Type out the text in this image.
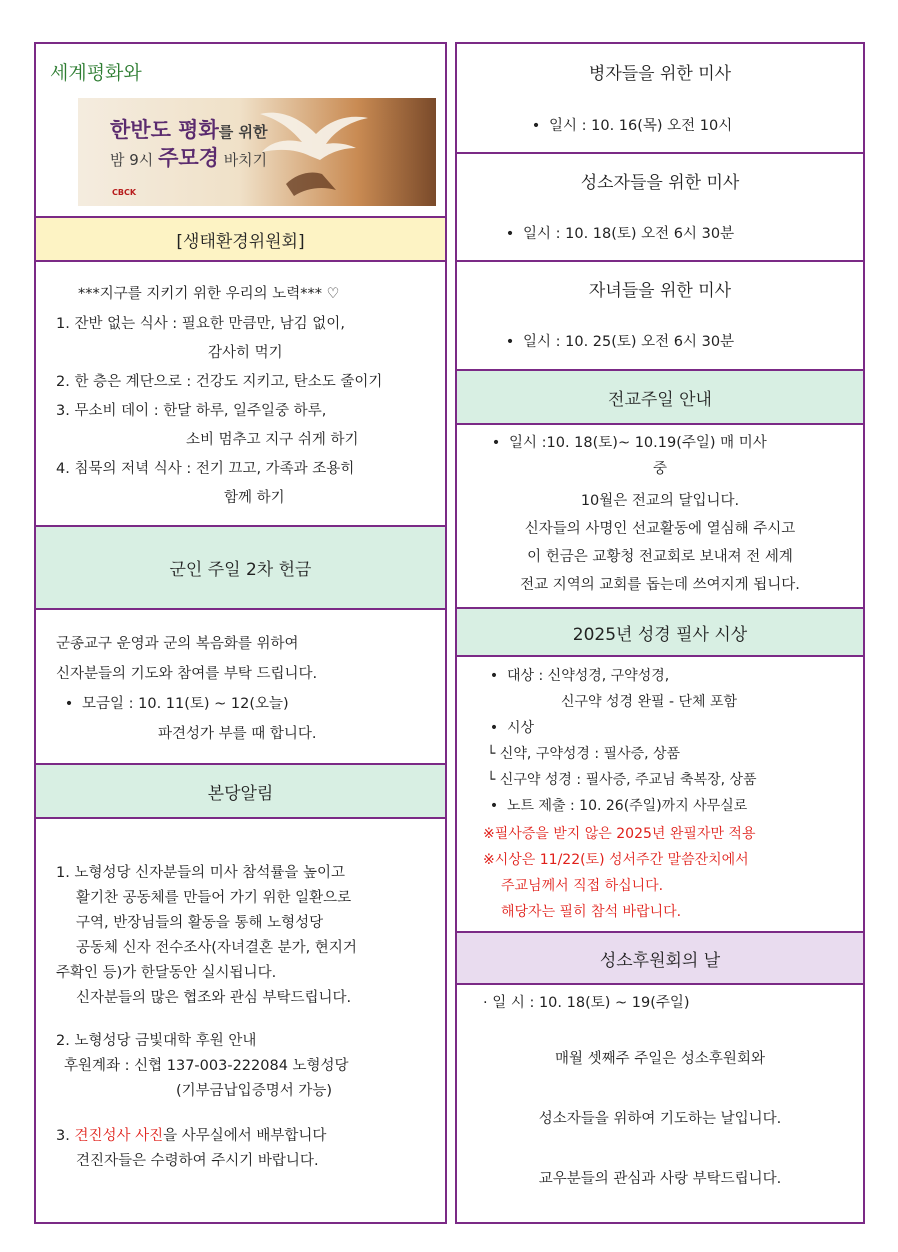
세계평화와
한반도 평화를 위한
밤 9시 주모경 바치기
CBCK
[생태환경위원회]
***지구를 지키기 위한 우리의 노력*** ♡
1. 잔반 없는 식사 : 필요한 만큼만, 남김 없이,
감사히 먹기
2. 한 층은 계단으로 : 건강도 지키고, 탄소도 줄이기
3. 무소비 데이 : 한달 하루, 일주일중 하루,
소비 멈추고 지구 쉬게 하기
4. 침묵의 저녁 식사 : 전기 끄고, 가족과 조용히
함께 하기
군인 주일 2차 헌금
군종교구 운영과 군의 복음화를 위하여
신자분들의 기도와 참여를 부탁 드립니다.
• 모금일 : 10. 11(토) ~ 12(오늘)
파견성가 부를 때 합니다.
본당알림
1. 노형성당 신자분들의 미사 참석률을 높이고
활기찬 공동체를 만들어 가기 위한 일환으로
구역, 반장님들의 활동을 통해 노형성당
공동체 신자 전수조사(자녀결혼 분가, 현지거
주확인 등)가 한달동안 실시됩니다.
신자분들의 많은 협조와 관심 부탁드립니다.
2. 노형성당 금빛대학 후원 안내
후원계좌 : 신협 137-003-222084 노형성당
(기부금납입증명서 가능)
3. 견진성사 사진을 사무실에서 배부합니다
견진자들은 수령하여 주시기 바랍니다.
병자들을 위한 미사
• 일시 : 10. 16(목) 오전 10시
성소자들을 위한 미사
• 일시 : 10. 18(토) 오전 6시 30분
자녀들을 위한 미사
• 일시 : 10. 25(토) 오전 6시 30분
전교주일 안내
• 일시 :10. 18(토)~ 10.19(주일) 매 미사
중
10월은 전교의 달입니다.
신자들의 사명인 선교활동에 열심해 주시고
이 헌금은 교황청 전교회로 보내져 전 세계
전교 지역의 교회를 돕는데 쓰여지게 됩니다.
2025년 성경 필사 시상
• 대상 : 신약성경, 구약성경,
신구약 성경 완필 - 단체 포함
• 시상
└ 신약, 구약성경 : 필사증, 상품
└ 신구약 성경 : 필사증, 주교님 축복장, 상품
• 노트 제출 : 10. 26(주일)까지 사무실로
※필사증을 받지 않은 2025년 완필자만 적용
※시상은 11/22(토) 성서주간 말씀잔치에서
주교님께서 직접 하십니다.
해당자는 필히 참석 바랍니다.
성소후원회의 날
· 일 시 : 10. 18(토) ~ 19(주일)
매월 셋째주 주일은 성소후원회와
성소자들을 위하여 기도하는 날입니다.
교우분들의 관심과 사랑 부탁드립니다.
